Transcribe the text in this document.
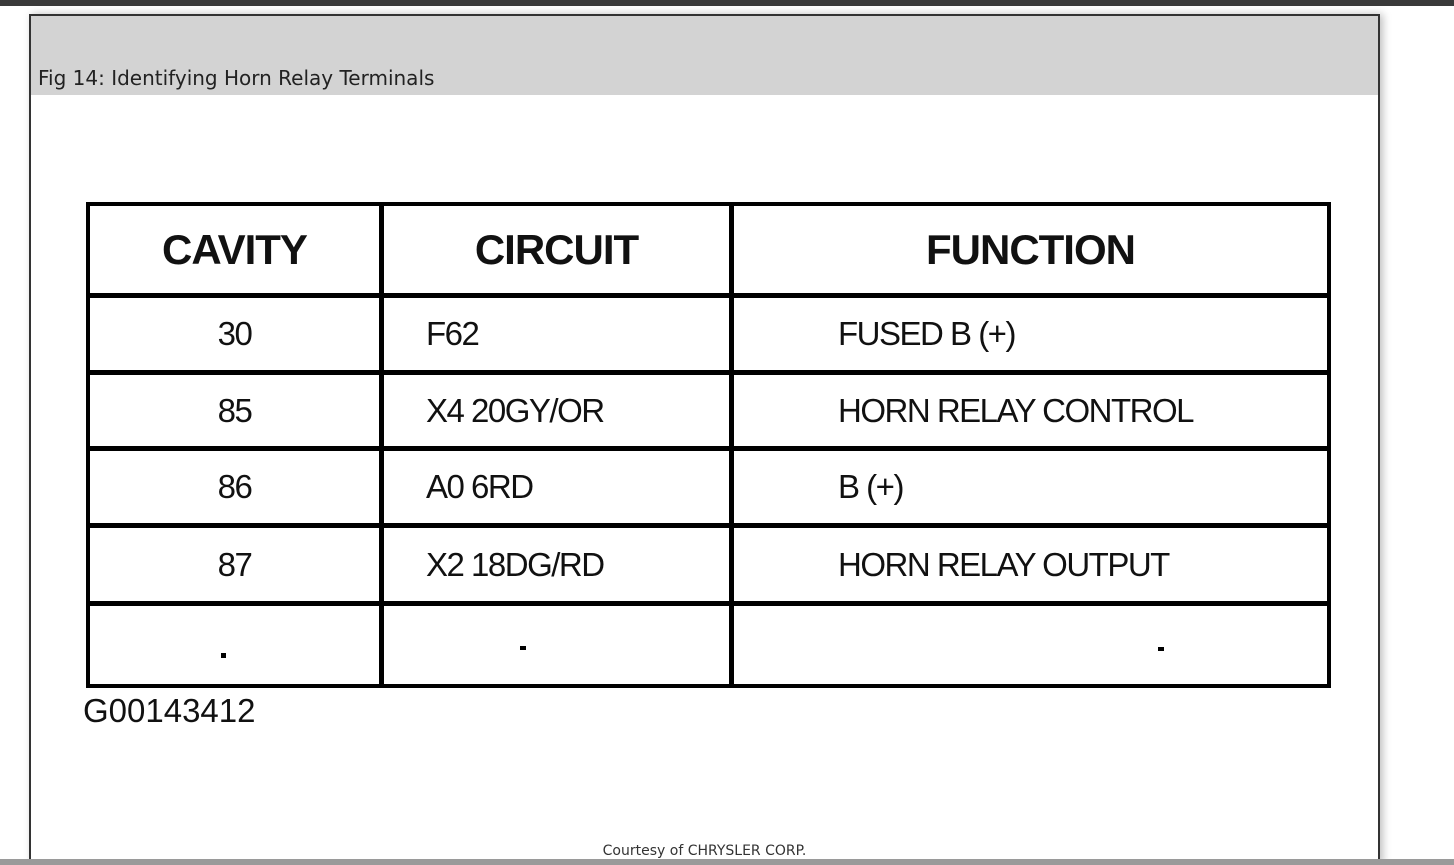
Fig 14: Identifying Horn Relay Terminals
CAVITY	CIRCUIT	FUNCTION
30	F62	FUSED B (+)
85	X4 20GY/OR	HORN RELAY CONTROL
86	A0 6RD	B (+)
87	X2 18DG/RD	HORN RELAY OUTPUT
G00143412
Courtesy of CHRYSLER CORP.
